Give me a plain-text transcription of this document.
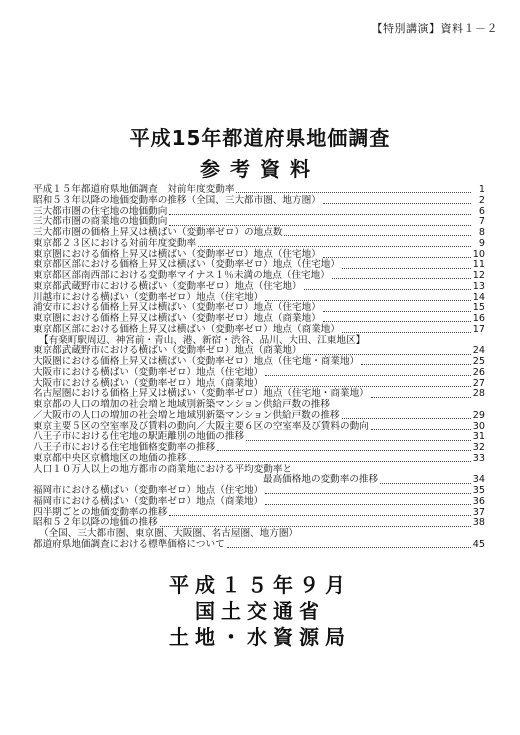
【特別講演】資料１－２
平成15年都道府県地価調査
参考資料
平成１５年都道府県地価調査　対前年度変動率	1
昭和５３年以降の地価変動率の推移（全国、三大都市圏、地方圏）	2
三大都市圏の住宅地の地価動向	6
三大都市圏の商業地の地価動向	7
三大都市圏の価格上昇又は横ばい（変動率ゼロ）の地点数	8
東京都２３区における対前年度変動率	9
東京圏における価格上昇又は横ばい（変動率ゼロ）地点（住宅地）	10
東京都区部における価格上昇又は横ばい（変動率ゼロ）地点（住宅地）	11
東京都区部南西部における変動率マイナス１％未満の地点（住宅地）	12
東京都武蔵野市における横ばい（変動率ゼロ）地点（住宅地）	13
川越市における横ばい（変動率ゼロ）地点（住宅地）	14
浦安市における価格上昇又は横ばい（変動率ゼロ）地点（住宅地）	15
東京圏における価格上昇又は横ばい（変動率ゼロ）地点（商業地）	16
東京都区部における価格上昇又は横ばい（変動率ゼロ）地点（商業地）	17
【有楽町駅周辺、神宮前・青山、港、新宿・渋谷、品川、大田、江東地区】
東京都武蔵野市における横ばい（変動率ゼロ）地点（商業地）	24
大阪圏における価格上昇又は横ばい（変動率ゼロ）地点（住宅地・商業地）	25
大阪市における横ばい（変動率ゼロ）地点（住宅地）	26
大阪市における横ばい（変動率ゼロ）地点（商業地）	27
名古屋圏における価格上昇又は横ばい（変動率ゼロ）地点（住宅地・商業地）	28
東京都の人口の増加の社会増と地域別新築マンション供給戸数の推移
／大阪市の人口の増加の社会増と地域別新築マンション供給戸数の推移	29
東京主要５区の空室率及び賃料の動向／大阪主要６区の空室率及び賃料の動向	30
八王子市における住宅地の駅距離別の地価の推移	31
八王子市における住宅地価格変動率の推移	32
東京都中央区京橋地区の地価の推移	33
人口１０万人以上の地方都市の商業地における平均変動率と
最高価格地の変動率の推移	34
福岡市における横ばい（変動率ゼロ）地点（住宅地）	35
福岡市における横ばい（変動率ゼロ）地点（商業地）	36
四半期ごとの地価変動率の推移	37
昭和５２年以降の地価の推移	38
（全国、三大都市圏、東京圏、大阪圏、名古屋圏、地方圏）
都道府県地価調査における標準価格について	45
平成１５年９月
国土交通省
土地・水資源局
